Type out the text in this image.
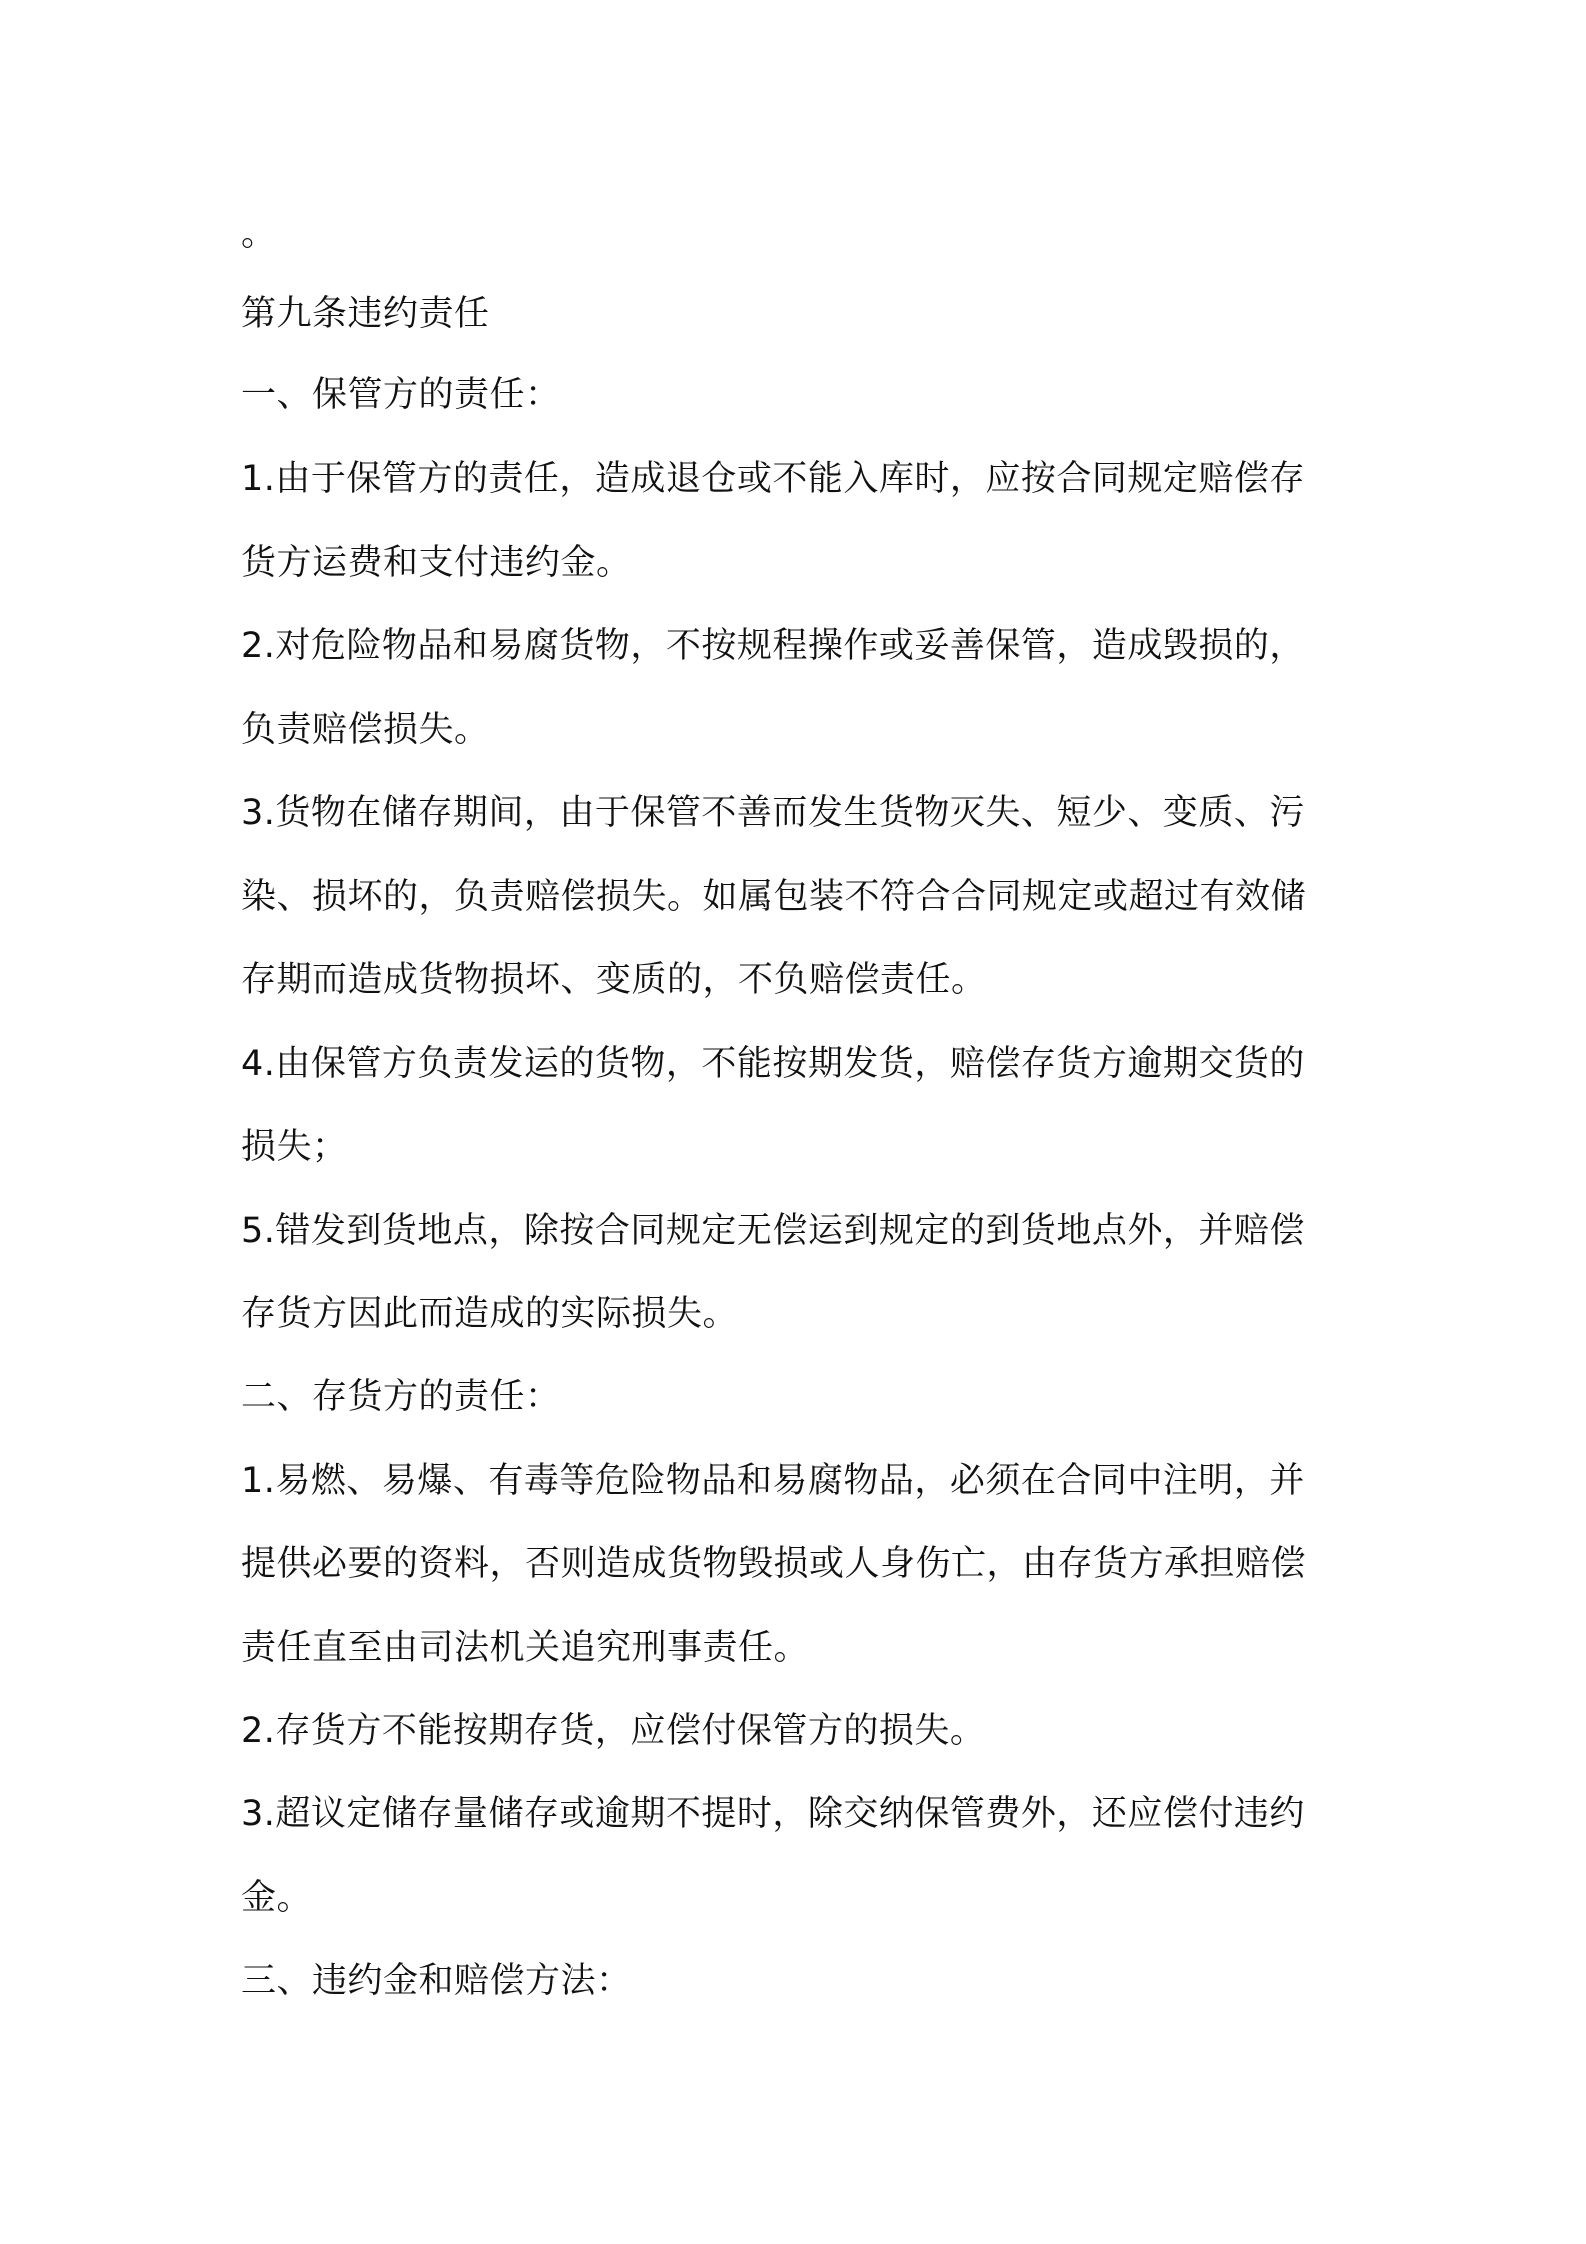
。
第九条违约责任
一、保管方的责任：
1.由于保管方的责任，造成退仓或不能入库时，应按合同规定赔偿存
货方运费和支付违约金。
2.对危险物品和易腐货物，不按规程操作或妥善保管，造成毁损的，
负责赔偿损失。
3.货物在储存期间，由于保管不善而发生货物灭失、短少、变质、污
染、损坏的，负责赔偿损失。如属包装不符合合同规定或超过有效储
存期而造成货物损坏、变质的，不负赔偿责任。
4.由保管方负责发运的货物，不能按期发货，赔偿存货方逾期交货的
损失；
5.错发到货地点，除按合同规定无偿运到规定的到货地点外，并赔偿
存货方因此而造成的实际损失。
二、存货方的责任：
1.易燃、易爆、有毒等危险物品和易腐物品，必须在合同中注明，并
提供必要的资料，否则造成货物毁损或人身伤亡，由存货方承担赔偿
责任直至由司法机关追究刑事责任。
2.存货方不能按期存货，应偿付保管方的损失。
3.超议定储存量储存或逾期不提时，除交纳保管费外，还应偿付违约
金。
三、违约金和赔偿方法：
